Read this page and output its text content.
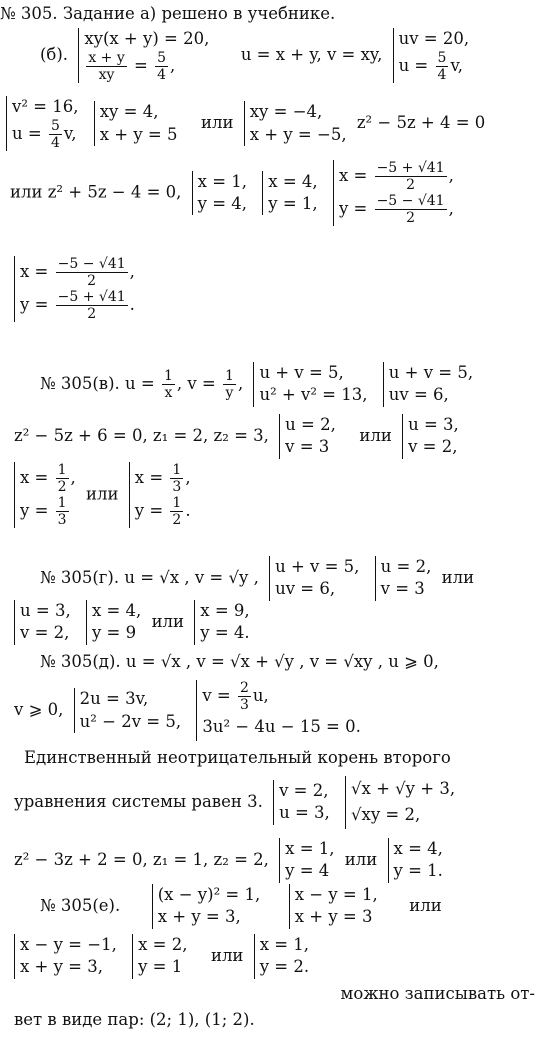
№ 305. Задание а) решено в учебнике.
(б).
xy(x + y) = 20,
$\frac{x + y}{xy} = \frac{5}{4}$ ,
u = x + y, v = xy,
uv = 20,
$u = \frac{5}{4} v$,
v² = 16,
$u = \frac{5}{4} v$,

xy = 4,
x + y = 5
или
xy = −4,
x + y = −5,
z² − 5z + 4 = 0
или z² + 5z − 4 = 0,
x = 1,
y = 4,

x = 4,
y = 1,

$x = \frac{-5 + √41}{2}$ ,
$y = \frac{-5 - √41}{2}$ ,
$x = \frac{-5 - √41}{2}$ ,
$y = \frac{-5 + √41}{2}$ .
№ 305(в). $u = \frac{1}{x}$ , $v = \frac{1}{y}$ ,
u + v = 5,
u² + v² = 13,

u + v = 5,
uv = 6,
z² − 5z + 6 = 0, z₁ = 2, z₂ = 3,
u = 2,
v = 3
или
u = 3,
v = 2,
$x = \frac{1}{2}$ ,
$y = \frac{1}{3}$
или
$x = \frac{1}{3}$ ,
$y = \frac{1}{2}$ .
№ 305(г). u = √x , v = √y ,
u + v = 5,
uv = 6,

u = 2,
v = 3
или
u = 3,
v = 2,

x = 4,
y = 9
или
x = 9,
y = 4.
№ 305(д). u = √x , v = √x + √y , v = √xy , u ⩾ 0,
v ⩾ 0,
2u = 3v,
u² − 2v = 5,

$v = \frac{2}{3} u$,
3u² − 4u − 15 = 0.
Единственный неотрицательный корень второго
уравнения системы равен 3.
v = 2,
u = 3,

√x + √y + 3,
√xy = 2,
z² − 3z + 2 = 0, z₁ = 1, z₂ = 2,
x = 1,
y = 4
или
x = 4,
y = 1.
№ 305(е).
(x − y)² = 1,
x + y = 3,

x − y = 1,
x + y = 3
или
x − y = −1,
x + y = 3,

x = 2,
y = 1
или
x = 1,
y = 2.
можно записывать от-
вет в виде пар: (2; 1), (1; 2).
